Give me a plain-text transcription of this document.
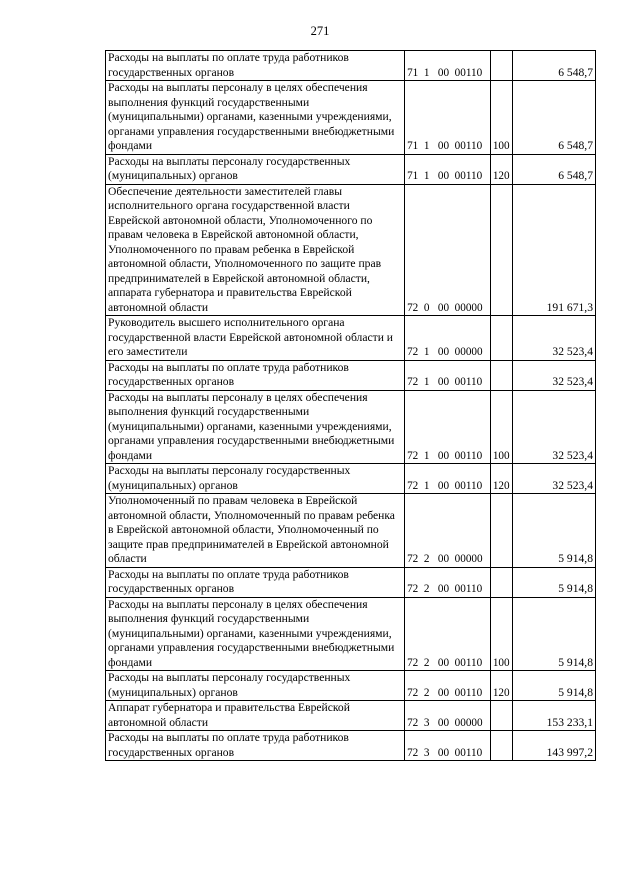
271
Расходы на выплаты по оплате труда работников государственных органов	71  1   00  00110		6 548,7
Расходы на выплаты персоналу в целях обеспечения выполнения функций государственными (муниципальными) органами, казенными учреждениями, органами управления государственными внебюджетными фондами	71  1   00  00110	100	6 548,7
Расходы на выплаты персоналу государственных (муниципальных) органов	71  1   00  00110	120	6 548,7
Обеспечение деятельности заместителей главы исполнительного органа государственной власти Еврейской автономной области, Уполномоченного по правам человека в Еврейской автономной области, Уполномоченного по правам ребенка в Еврейской автономной области, Уполномоченного по защите прав предпринимателей в Еврейской автономной области, аппарата губернатора и правительства Еврейской автономной области	72  0   00  00000		191 671,3
Руководитель высшего исполнительного органа государственной власти Еврейской автономной области и его заместители	72  1   00  00000		32 523,4
Расходы на выплаты по оплате труда работников государственных органов	72  1   00  00110		32 523,4
Расходы на выплаты персоналу в целях обеспечения выполнения функций государственными (муниципальными) органами, казенными учреждениями, органами управления государственными внебюджетными фондами	72  1   00  00110	100	32 523,4
Расходы на выплаты персоналу государственных (муниципальных) органов	72  1   00  00110	120	32 523,4
Уполномоченный по правам человека в Еврейской автономной области, Уполномоченный по правам ребенка в Еврейской автономной области, Уполномоченный по защите прав предпринимателей в Еврейской автономной области	72  2   00  00000		5 914,8
Расходы на выплаты по оплате труда работников государственных органов	72  2   00  00110		5 914,8
Расходы на выплаты персоналу в целях обеспечения выполнения функций государственными (муниципальными) органами, казенными учреждениями, органами управления государственными внебюджетными фондами	72  2   00  00110	100	5 914,8
Расходы на выплаты персоналу государственных (муниципальных) органов	72  2   00  00110	120	5 914,8
Аппарат губернатора и правительства Еврейской автономной области	72  3   00  00000		153 233,1
Расходы на выплаты по оплате труда работников государственных органов	72  3   00  00110		143 997,2
